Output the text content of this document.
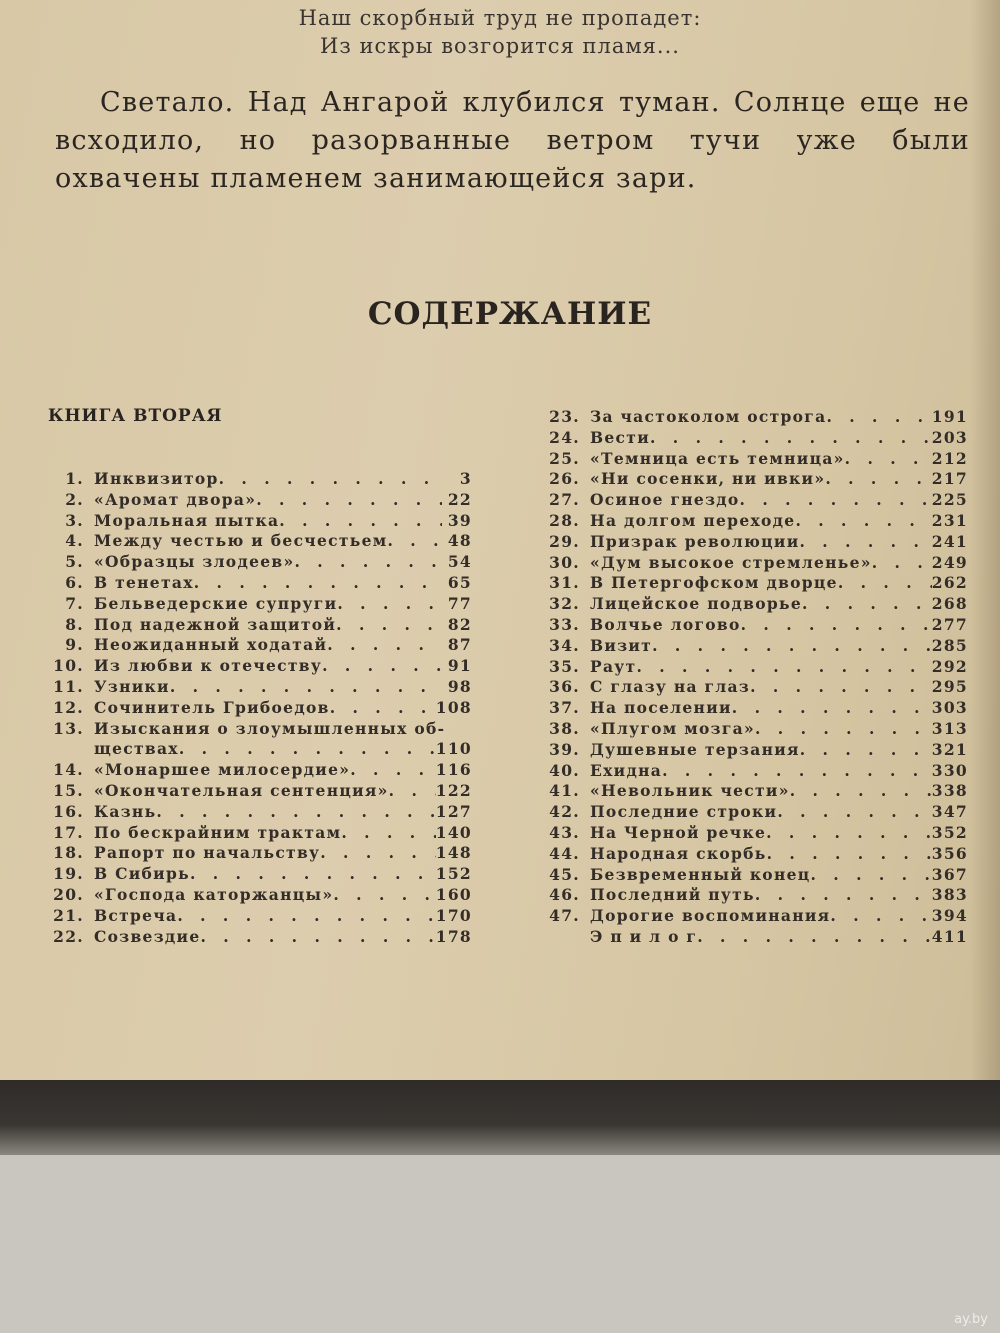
Наш скорбный труд не пропадет:
Из искры возгорится пламя...
Светало. Над Ангарой клубился туман. Солнце еще не всходило, но разорванные ветром тучи уже были охвачены пламенем занимающейся зари.
СОДЕРЖАНИЕ
КНИГА ВТОРАЯ
1. Инквизитор . . .	3
2. «Аромат двора» . . .	22
3. Моральная пытка . . .	39
4. Между честью и бесчестьем . . .	48
5. «Образцы злодеев» . . .	54
6. В тенетах . . .	65
7. Бельведерские супруги . . .	77
8. Под надежной защитой . . .	82
9. Неожиданный ходатай . . .	87
10. Из любви к отечеству . . .	91
11. Узники . . .	98
12. Сочинитель Грибоедов . . .	108
13. Изыскания о злоумышленных об-
ществах . . .	110
14. «Монаршее милосердие» . . .	116
15. «Окончательная сентенция» . . .	122
16. Казнь . . .	127
17. По бескрайним трактам . . .	140
18. Рапорт по начальству . . .	148
19. В Сибирь . . .	152
20. «Господа каторжанцы» . . .	160
21. Встреча . . .	170
22. Созвездие . . .	178
23. За частоколом острога . . .	191
24. Вести . . .	203
25. «Темница есть темница» . . .	212
26. «Ни сосенки, ни ивки» . . .	217
27. Осиное гнездо . . .	225
28. На долгом переходе . . .	231
29. Призрак революции . . .	241
30. «Дум высокое стремленье» . . .	249
31. В Петергофском дворце . . .	262
32. Лицейское подворье . . .	268
33. Волчье логово . . .	277
34. Визит . . .	285
35. Раут . . .	292
36. С глазу на глаз . . .	295
37. На поселении . . .	303
38. «Плугом мозга» . . .	313
39. Душевные терзания . . .	321
40. Ехидна . . .	330
41. «Невольник чести» . . .	338
42. Последние строки . . .	347
43. На Черной речке . . .	352
44. Народная скорбь . . .	356
45. Безвременный конец . . .	367
46. Последний путь . . .	383
47. Дорогие воспоминания . . .	394
Э п и л о г . . .	411
ay.by
